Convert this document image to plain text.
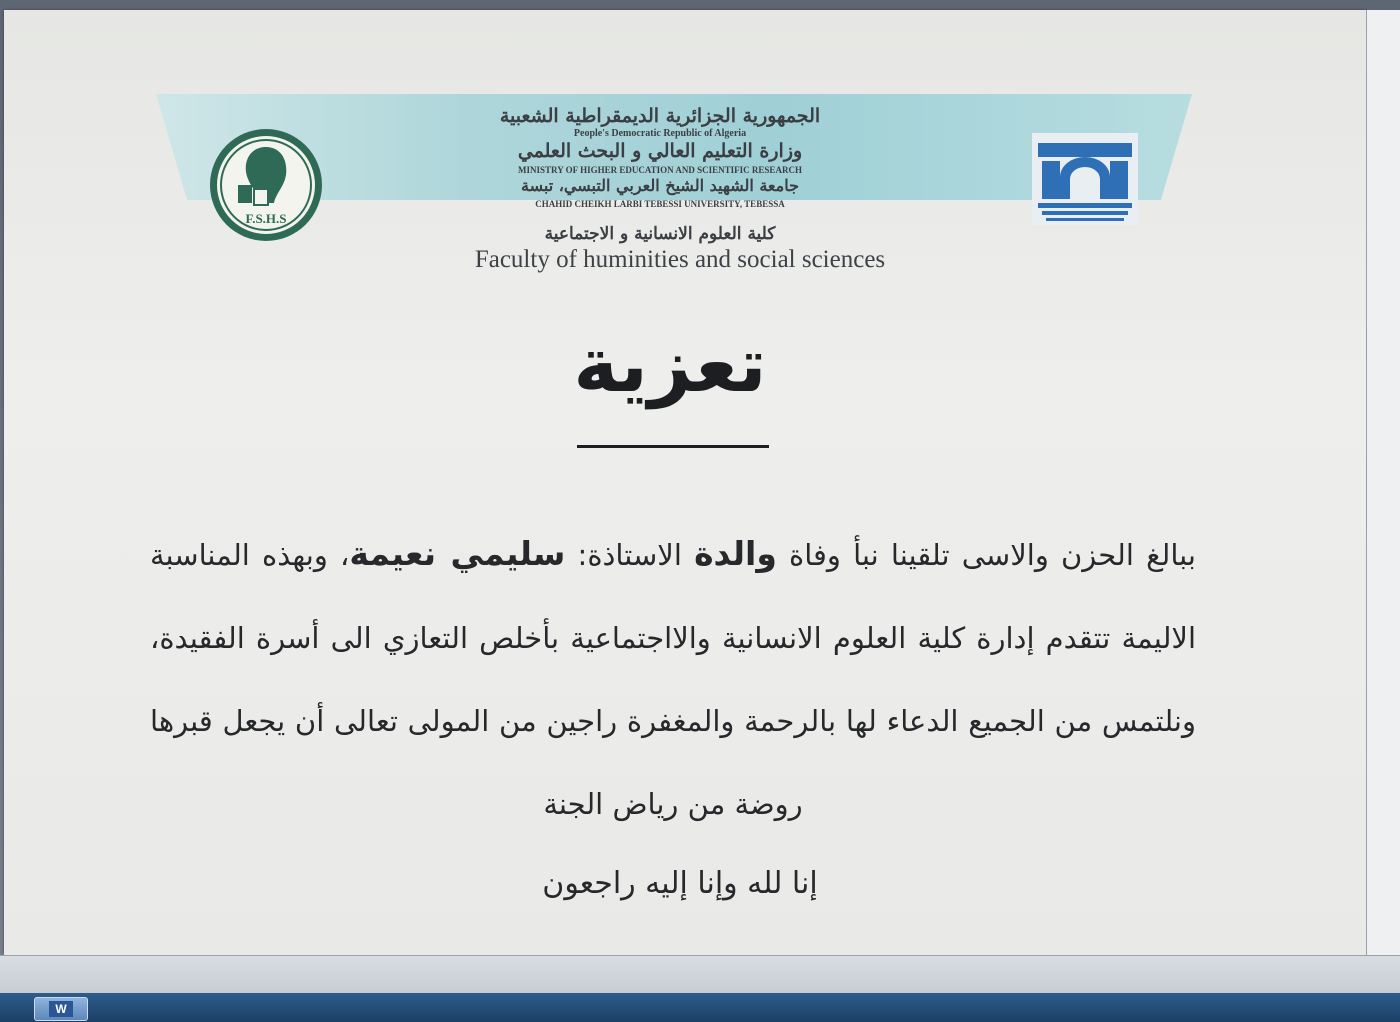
الجمهورية الجزائرية الديمقراطية الشعبية
People's Democratic Republic of Algeria
وزارة التعليم العالي و البحث العلمي
MINISTRY OF HIGHER EDUCATION AND SCIENTIFIC RESEARCH
جامعة الشهيد الشيخ العربي التبسي، تبسة
CHAHID CHEIKH LARBI TEBESSI UNIVERSITY, TEBESSA
كلية العلوم الانسانية و الاجتماعية
Faculty of huminities and social sciences
F.S.H.S
تعزية
ببالغ الحزن والاسى تلقينا نبأ وفاة والدة الاستاذة: سليمي نعيمة، وبهذه المناسبة الاليمة تتقدم إدارة كلية العلوم الانسانية والااجتماعية بأخلص التعازي الى أسرة الفقيدة، ونلتمس من الجميع الدعاء لها بالرحمة والمغفرة راجين من المولى تعالى أن يجعل قبرها روضة من رياض الجنة
إنا لله وإنا إليه راجعون
W
